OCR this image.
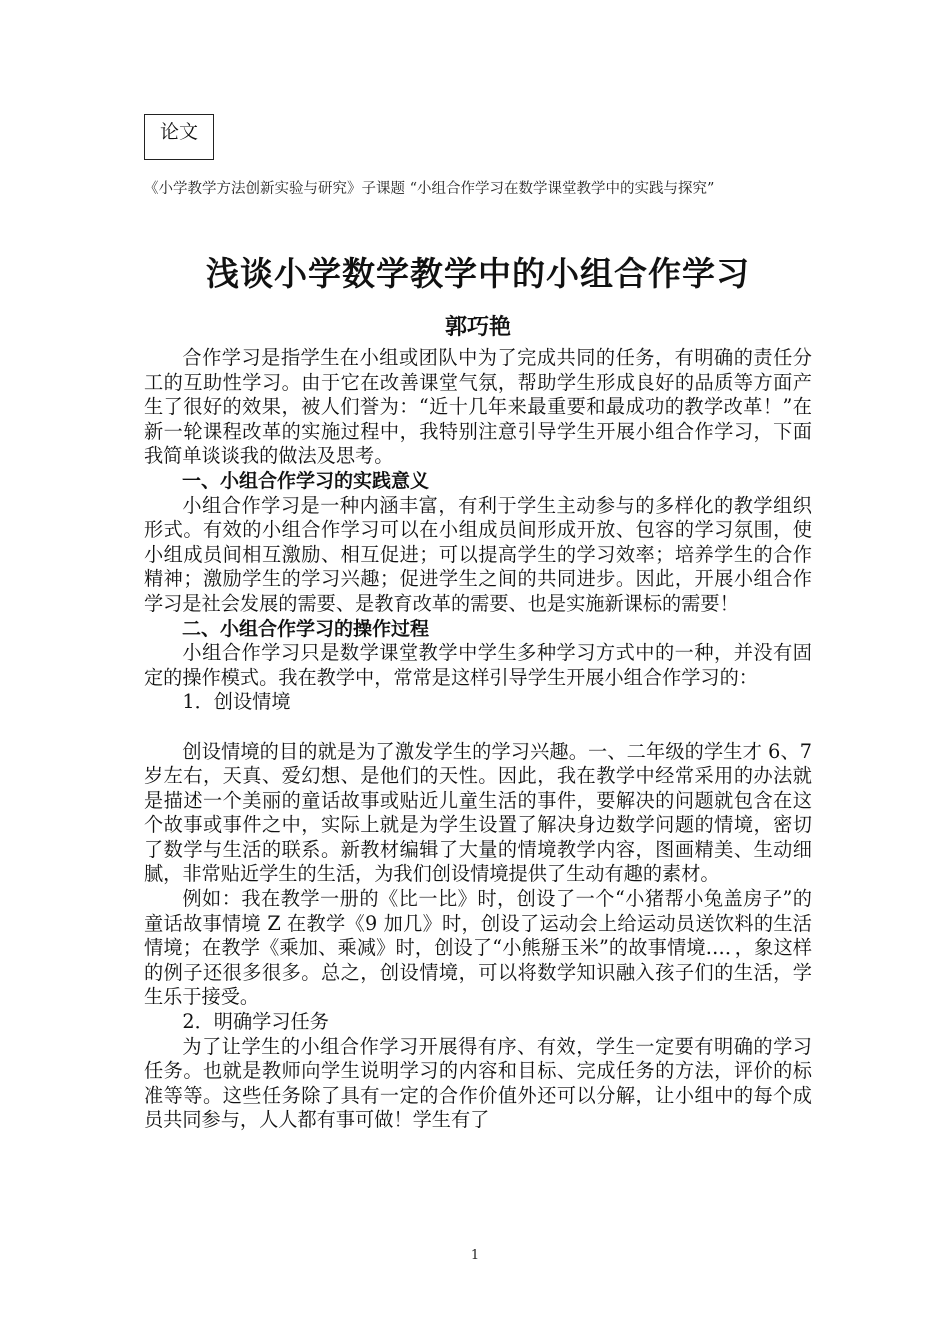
论文
《小学教学方法创新实验与研究》子课题 “小组合作学习在数学课堂教学中的实践与探究”
浅谈小学数学教学中的小组合作学习
郭巧艳

合作学习是指学生在小组或团队中为了完成共同的任务，有明确的责任分工的互助性学习。由于它在改善课堂气氛，帮助学生形成良好的品质等方面产生了很好的效果，被人们誉为：“近十几年来最重要和最成功的教学改革！”在新一轮课程改革的实施过程中，我特别注意引导学生开展小组合作学习，下面我简单谈谈我的做法及思考。

一、小组合作学习的实践意义

小组合作学习是一种内涵丰富，有利于学生主动参与的多样化的教学组织形式。有效的小组合作学习可以在小组成员间形成开放、包容的学习氛围，使小组成员间相互激励、相互促进；可以提高学生的学习效率；培养学生的合作精神；激励学生的学习兴趣；促进学生之间的共同进步。因此，开展小组合作学习是社会发展的需要、是教育改革的需要、也是实施新课标的需要！

二、小组合作学习的操作过程

小组合作学习只是数学课堂教学中学生多种学习方式中的一种，并没有固定的操作模式。我在教学中，常常是这样引导学生开展小组合作学习的：

1．创设情境

创设情境的目的就是为了激发学生的学习兴趣。一、二年级的学生才 6、7 岁左右，天真、爱幻想、是他们的天性。因此，我在教学中经常采用的办法就是描述一个美丽的童话故事或贴近儿童生活的事件，要解决的问题就包含在这个故事或事件之中，实际上就是为学生设置了解决身边数学问题的情境，密切了数学与生活的联系。新教材编辑了大量的情境教学内容，图画精美、生动细腻，非常贴近学生的生活，为我们创设情境提供了生动有趣的素材。

例如：我在教学一册的《比一比》时，创设了一个“小猪帮小兔盖房子”的童话故事情境 Z 在教学《9 加几》时，创设了运动会上给运动员送饮料的生活情境；在教学《乘加、乘减》时，创设了“小熊掰玉米”的故事情境…．，象这样的例子还很多很多。总之，创设情境，可以将数学知识融入孩子们的生活，学生乐于接受。

2．明确学习任务

为了让学生的小组合作学习开展得有序、有效，学生一定要有明确的学习任务。也就是教师向学生说明学习的内容和目标、完成任务的方法，评价的标准等等。这些任务除了具有一定的合作价值外还可以分解，让小组中的每个成员共同参与，人人都有事可做！学生有了

1
